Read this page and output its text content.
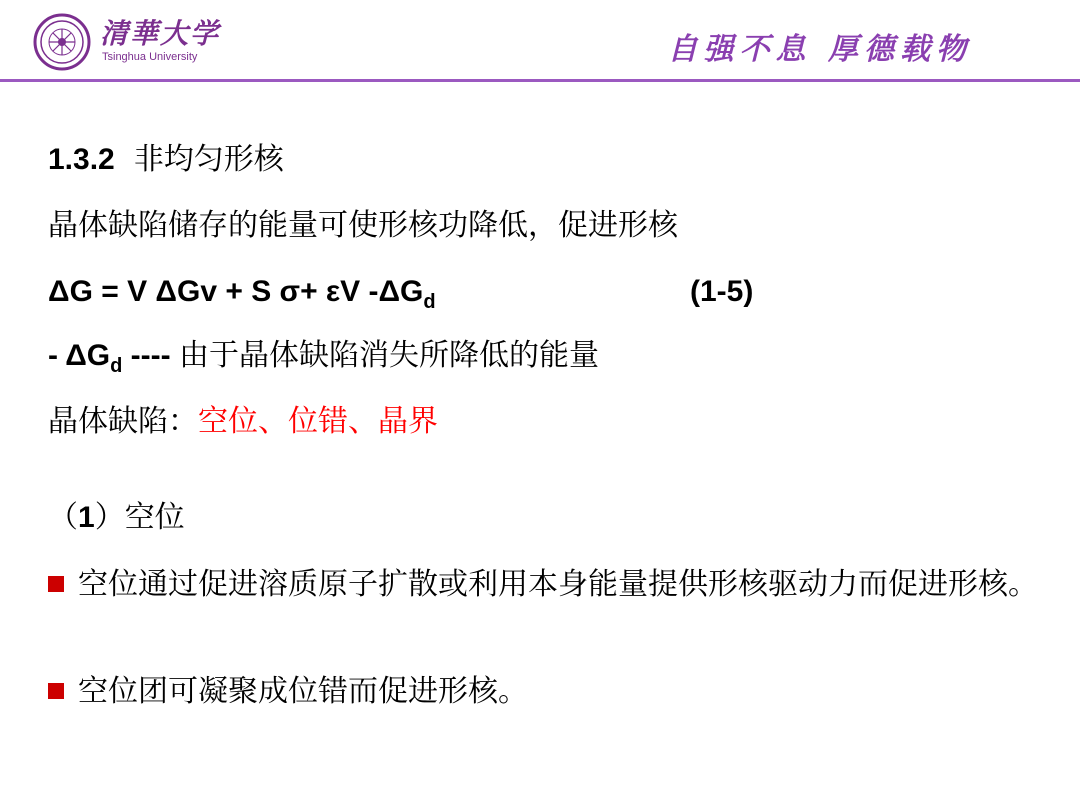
清華大学
Tsinghua University	自强不息 厚德载物
1.3.2 非均匀形核
晶体缺陷储存的能量可使形核功降低，促进形核
ΔG = V ΔGv + S σ+ εV $-\Delta G_d$	(1-5)
- $\Delta G_d$ ---- 由于晶体缺陷消失所降低的能量
晶体缺陷：空位、位错、晶界
（1）空位
空位通过促进溶质原子扩散或利用本身能量提供形核驱动力而促进形核。
空位团可凝聚成位错而促进形核。
